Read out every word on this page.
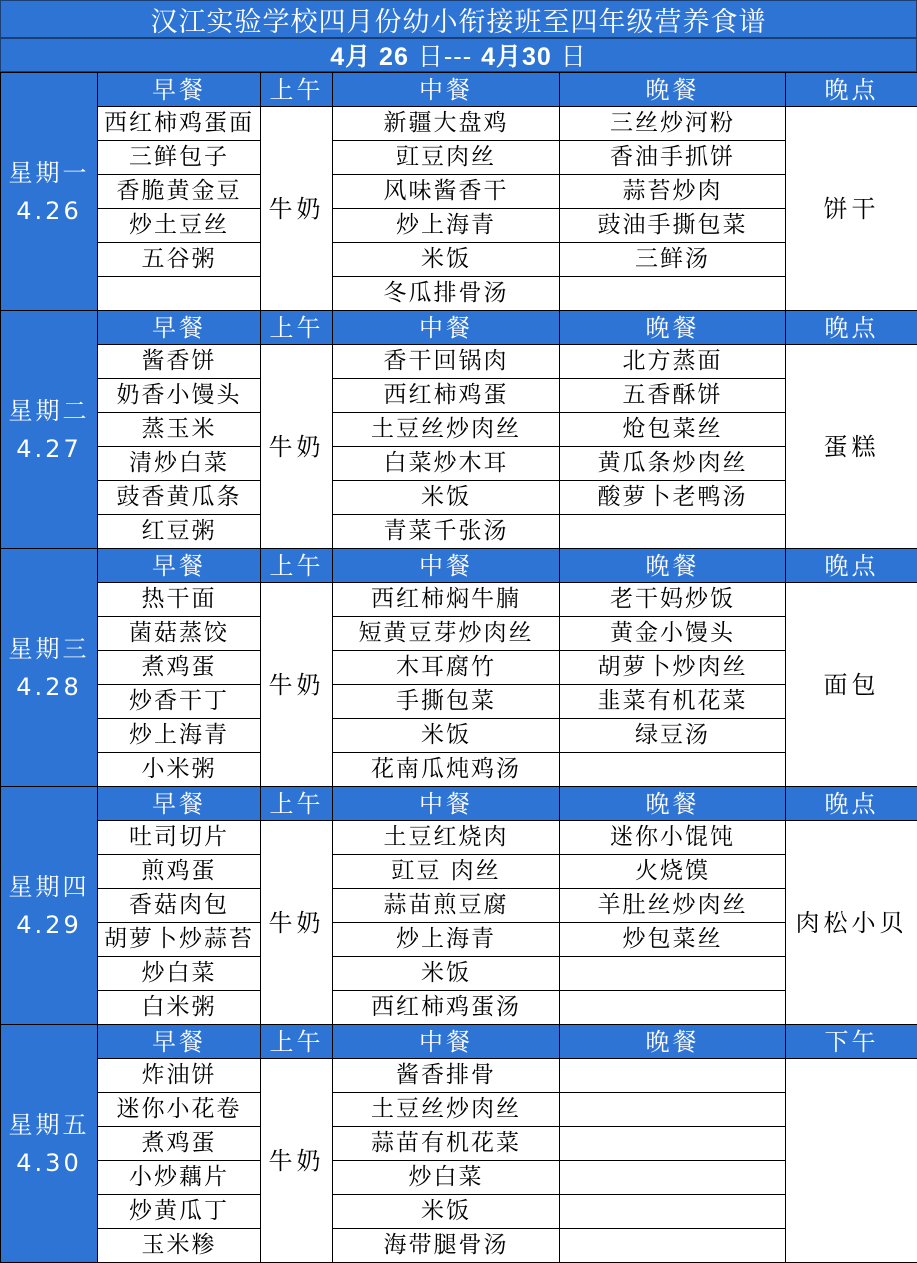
汉江实验学校四月份幼小衔接班至四年级营养食谱
4月 26 日--- 4月30 日
星期一
4.26	早餐	上午	中餐	晚餐	晚点
	西红柿鸡蛋面	牛奶	新疆大盘鸡	三丝炒河粉	饼干
	三鲜包子		豇豆肉丝	香油手抓饼	
	香脆黄金豆		风味酱香干	蒜苔炒肉	
	炒土豆丝		炒上海青	豉油手撕包菜	
	五谷粥		米饭	三鲜汤	
			冬瓜排骨汤		

星期二
4.27	早餐	上午	中餐	晚餐	晚点
	酱香饼	牛奶	香干回锅肉	北方蒸面	蛋糕
	奶香小馒头		西红柿鸡蛋	五香酥饼	
	蒸玉米		土豆丝炒肉丝	炝包菜丝	
	清炒白菜		白菜炒木耳	黄瓜条炒肉丝	
	豉香黄瓜条		米饭	酸萝卜老鸭汤	
	红豆粥		青菜千张汤		

星期三
4.28	早餐	上午	中餐	晚餐	晚点
	热干面	牛奶	西红柿焖牛腩	老干妈炒饭	面包
	菌菇蒸饺		短黄豆芽炒肉丝	黄金小馒头	
	煮鸡蛋		木耳腐竹	胡萝卜炒肉丝	
	炒香干丁		手撕包菜	韭菜有机花菜	
	炒上海青		米饭	绿豆汤	
	小米粥		花南瓜炖鸡汤		

星期四
4.29	早餐	上午	中餐	晚餐	晚点
	吐司切片	牛奶	土豆红烧肉	迷你小馄饨	肉松小贝
	煎鸡蛋		豇豆 肉丝	火烧馍	
	香菇肉包		蒜苗煎豆腐	羊肚丝炒肉丝	
	胡萝卜炒蒜苔		炒上海青	炒包菜丝	
	炒白菜		米饭		
	白米粥		西红柿鸡蛋汤		

星期五
4.30	早餐	上午	中餐	晚餐	下午
	炸油饼	牛奶	酱香排骨		
	迷你小花卷		土豆丝炒肉丝		
	煮鸡蛋		蒜苗有机花菜		
	小炒藕片		炒白菜		
	炒黄瓜丁		米饭		
	玉米糁		海带腿骨汤		
